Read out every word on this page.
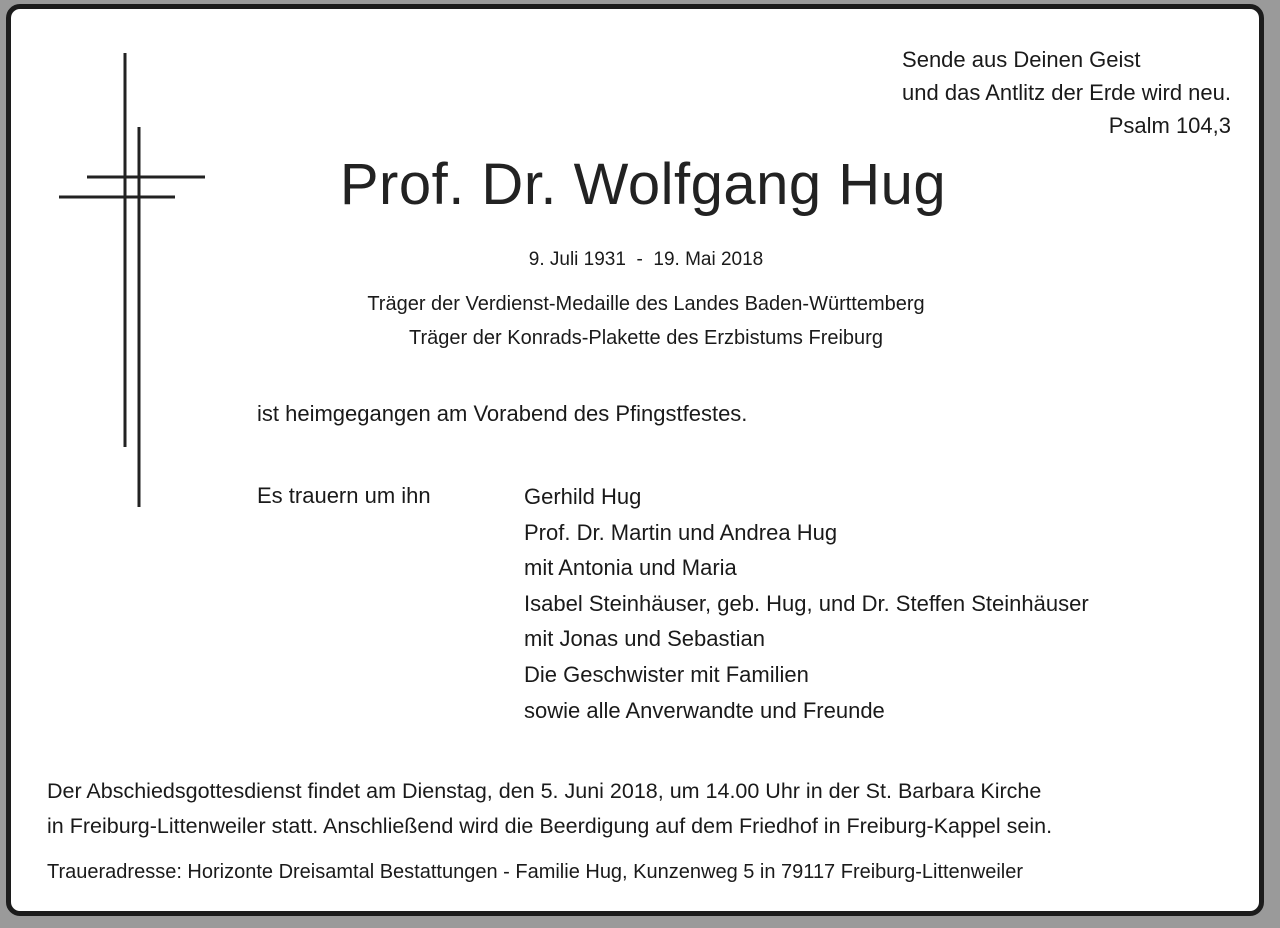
Sende aus Deinen Geist
und das Antlitz der Erde wird neu.
Psalm 104,3
Prof. Dr. Wolfgang Hug
9. Juli 1931  -  19. Mai 2018
Träger der Verdienst-Medaille des Landes Baden-Württemberg
Träger der Konrads-Plakette des Erzbistums Freiburg
ist heimgegangen am Vorabend des Pfingstfestes.
Es trauern um ihn	Gerhild Hug
Prof. Dr. Martin und Andrea Hug
mit Antonia und Maria
Isabel Steinhäuser, geb. Hug, und Dr. Steffen Steinhäuser
mit Jonas und Sebastian
Die Geschwister mit Familien
sowie alle Anverwandte und Freunde
Der Abschiedsgottesdienst findet am Dienstag, den 5. Juni 2018, um 14.00 Uhr in der St. Barbara Kirche
in Freiburg-Littenweiler statt. Anschließend wird die Beerdigung auf dem Friedhof in Freiburg-Kappel sein.
Traueradresse: Horizonte Dreisamtal Bestattungen - Familie Hug, Kunzenweg 5 in 79117 Freiburg-Littenweiler
